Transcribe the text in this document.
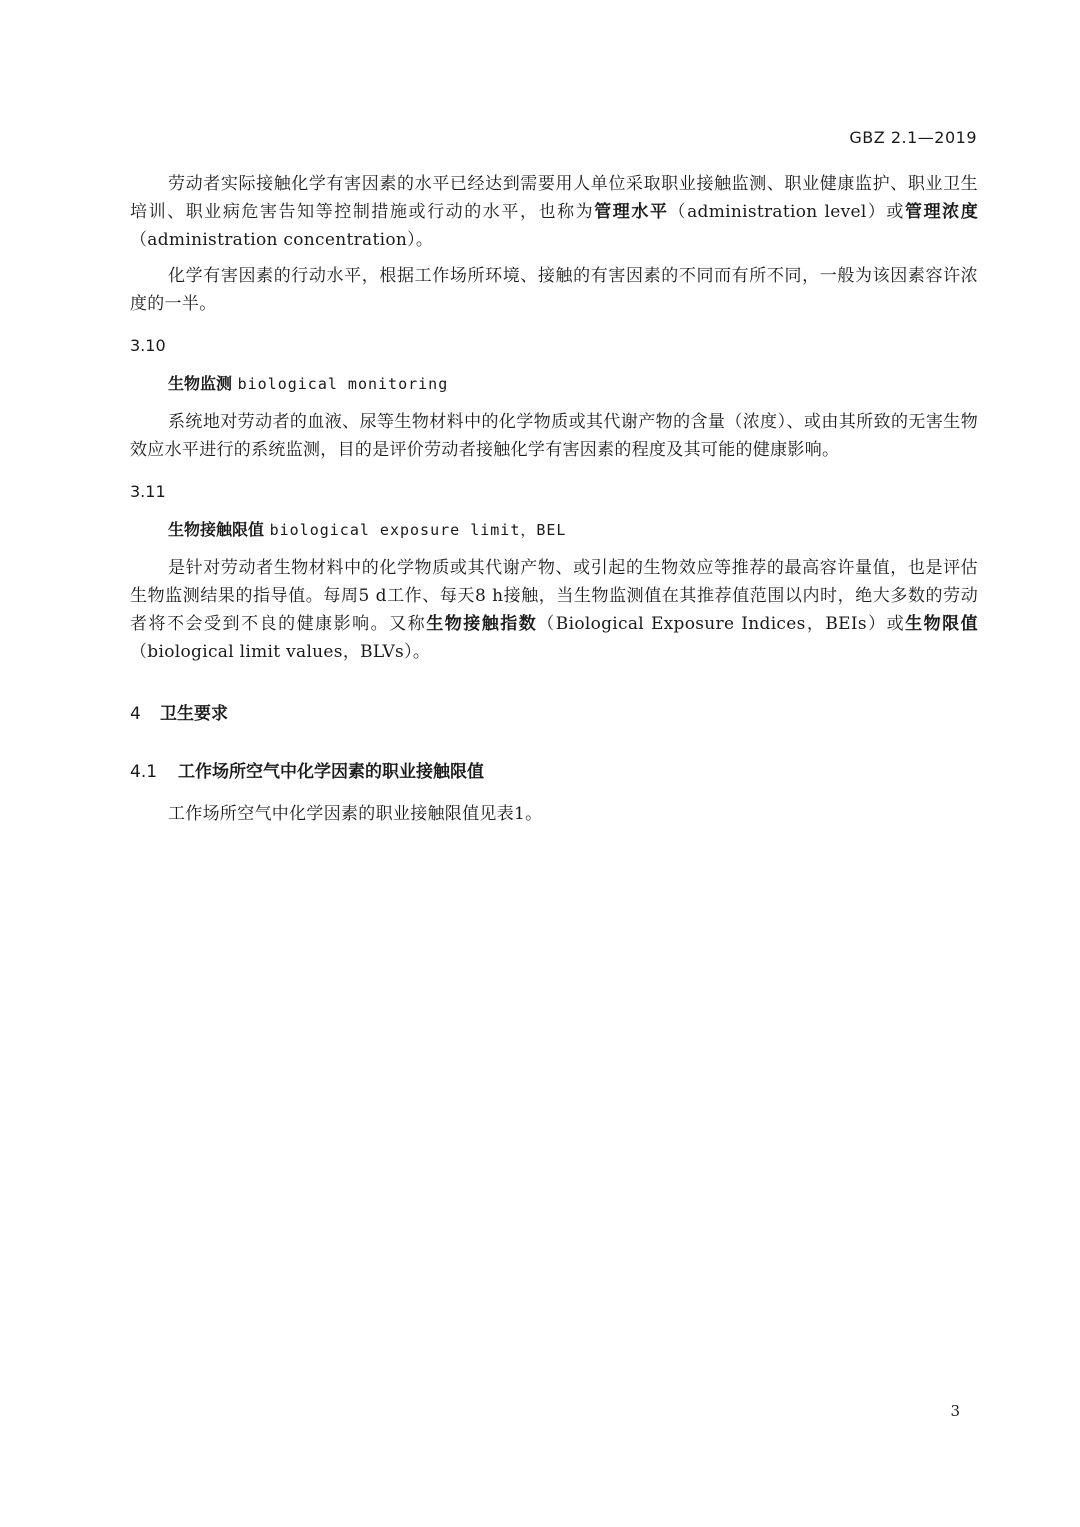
GBZ 2.1—2019

劳动者实际接触化学有害因素的水平已经达到需要用人单位采取职业接触监测、职业健康监护、职业卫生培训、职业病危害告知等控制措施或行动的水平，也称为管理水平（administration level）或管理浓度（administration concentration）。

化学有害因素的行动水平，根据工作场所环境、接触的有害因素的不同而有所不同，一般为该因素容许浓度的一半。

3.10

生物监测 biological monitoring

系统地对劳动者的血液、尿等生物材料中的化学物质或其代谢产物的含量（浓度）、或由其所致的无害生物效应水平进行的系统监测，目的是评价劳动者接触化学有害因素的程度及其可能的健康影响。

3.11

生物接触限值 biological exposure limit，BEL

是针对劳动者生物材料中的化学物质或其代谢产物、或引起的生物效应等推荐的最高容许量值，也是评估生物监测结果的指导值。每周5 d工作、每天8 h接触，当生物监测值在其推荐值范围以内时，绝大多数的劳动者将不会受到不良的健康影响。又称生物接触指数（Biological Exposure Indices，BEIs）或生物限值（biological limit values，BLVs）。

4 卫生要求

4.1 工作场所空气中化学因素的职业接触限值

工作场所空气中化学因素的职业接触限值见表1。

3
